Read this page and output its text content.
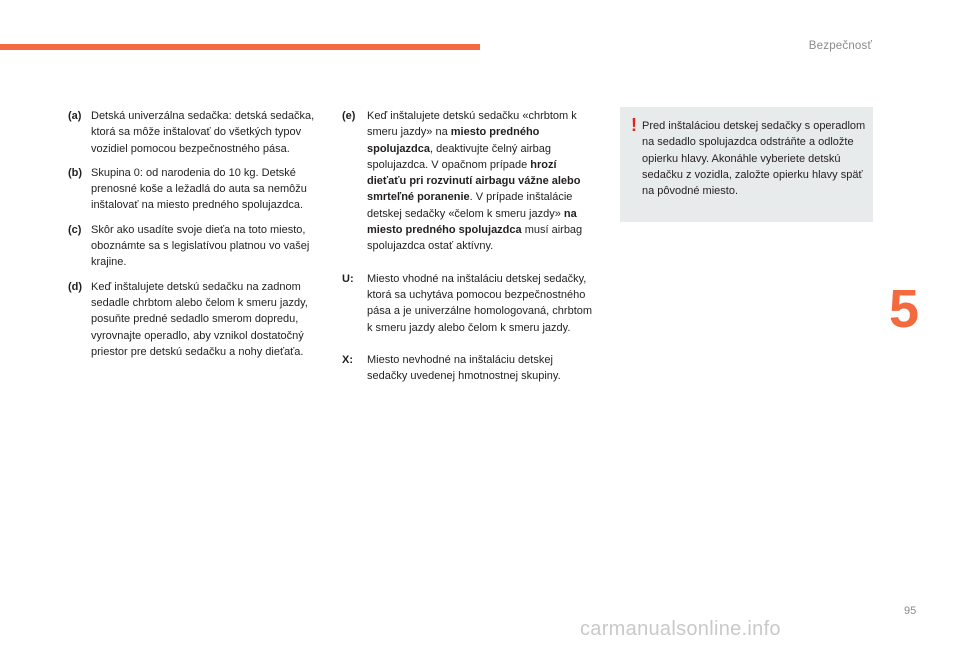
Bezpečnosť
5
(a) Detská univerzálna sedačka: detská sedačka, ktorá sa môže inštalovať do všetkých typov vozidiel pomocou bezpečnostného pása.
(b) Skupina 0: od narodenia do 10 kg. Detské prenosné koše a ležadlá do auta sa nemôžu inštalovať na miesto predného spolujazdca.
(c) Skôr ako usadíte svoje dieťa na toto miesto, oboznámte sa s legislatívou platnou vo vašej krajine.
(d) Keď inštalujete detskú sedačku na zadnom sedadle chrbtom alebo čelom k smeru jazdy, posuňte predné sedadlo smerom dopredu, vyrovnajte operadlo, aby vznikol dostatočný priestor pre detskú sedačku a nohy dieťaťa.
(e)	Keď inštalujete detskú sedačku «chrbtom k smeru jazdy» na miesto predného spolujazdca, deaktivujte čelný airbag spolujazdca. V opačnom prípade hrozí dieťaťu pri rozvinutí airbagu vážne alebo smrteľné poranenie. V prípade inštalácie detskej sedačky «čelom k smeru jazdy» na miesto predného spolujazdca musí airbag spolujazdca ostať aktívny.
U:	Miesto vhodné na inštaláciu detskej sedačky, ktorá sa uchytáva pomocou bezpečnostného pása a je univerzálne homologovaná, chrbtom k smeru jazdy alebo čelom k smeru jazdy.
X:	Miesto nevhodné na inštaláciu detskej sedačky uvedenej hmotnostnej skupiny.
! Pred inštaláciou detskej sedačky s operadlom na sedadlo spolujazdca odstráňte a odložte opierku hlavy. Akonáhle vyberiete detskú sedačku z vozidla, založte opierku hlavy späť na pôvodné miesto.
95
carmanualsonline.info
